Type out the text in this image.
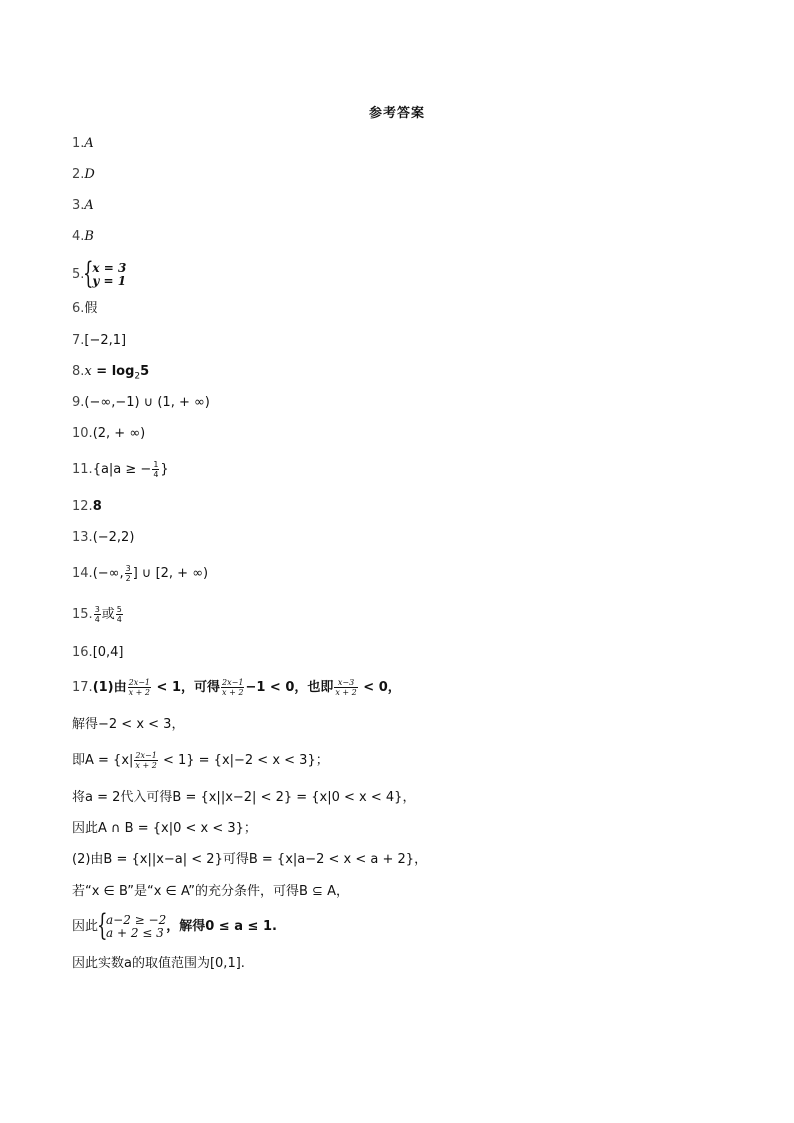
参考答案
1.A
2.D
3.A
4.B
5. { x = 3
y = 1
6.假
7.[−2,1]
$8.x = \log_25$
9.(−∞,−1) ∪ (1, + ∞)
10.(2, + ∞)
11.{a|a ≥ − $\frac{1}{4}$ }
12.8
13.(−2,2)
14.(−∞, $\frac{3}{2}$ ] ∪ [2, + ∞)
15. $\frac{3}{4}$ 或 $\frac{5}{4}$
16.[0,4]
17.(1)由 $\frac{2x-1}{x + 2} < 1$，可得 $\frac{2x-1}{x + 2} -1 < 0$，也即 $\frac{x-3}{x + 2} < 0$，
解得−2 < x < 3，
即$A = \{x| \frac{2x-1}{x + 2} < 1\} = \{x|-2 < x < 3\}$；
将a = 2代入可得B = {x||x−2| < 2} = {x|0 < x < 4}，
因此A ∩ B = {x|0 < x < 3}；
(2)由B = {x||x−a| < 2}可得B = {x|a−2 < x < a + 2}，
若“x ∈ B”是“x ∈ A”的充分条件，可得B ⊆ A，
因此 { a−2 ≥ −2
a + 2 ≤ 3 ，解得0 ≤ a ≤ 1.
因此实数a的取值范围为[0,1].
